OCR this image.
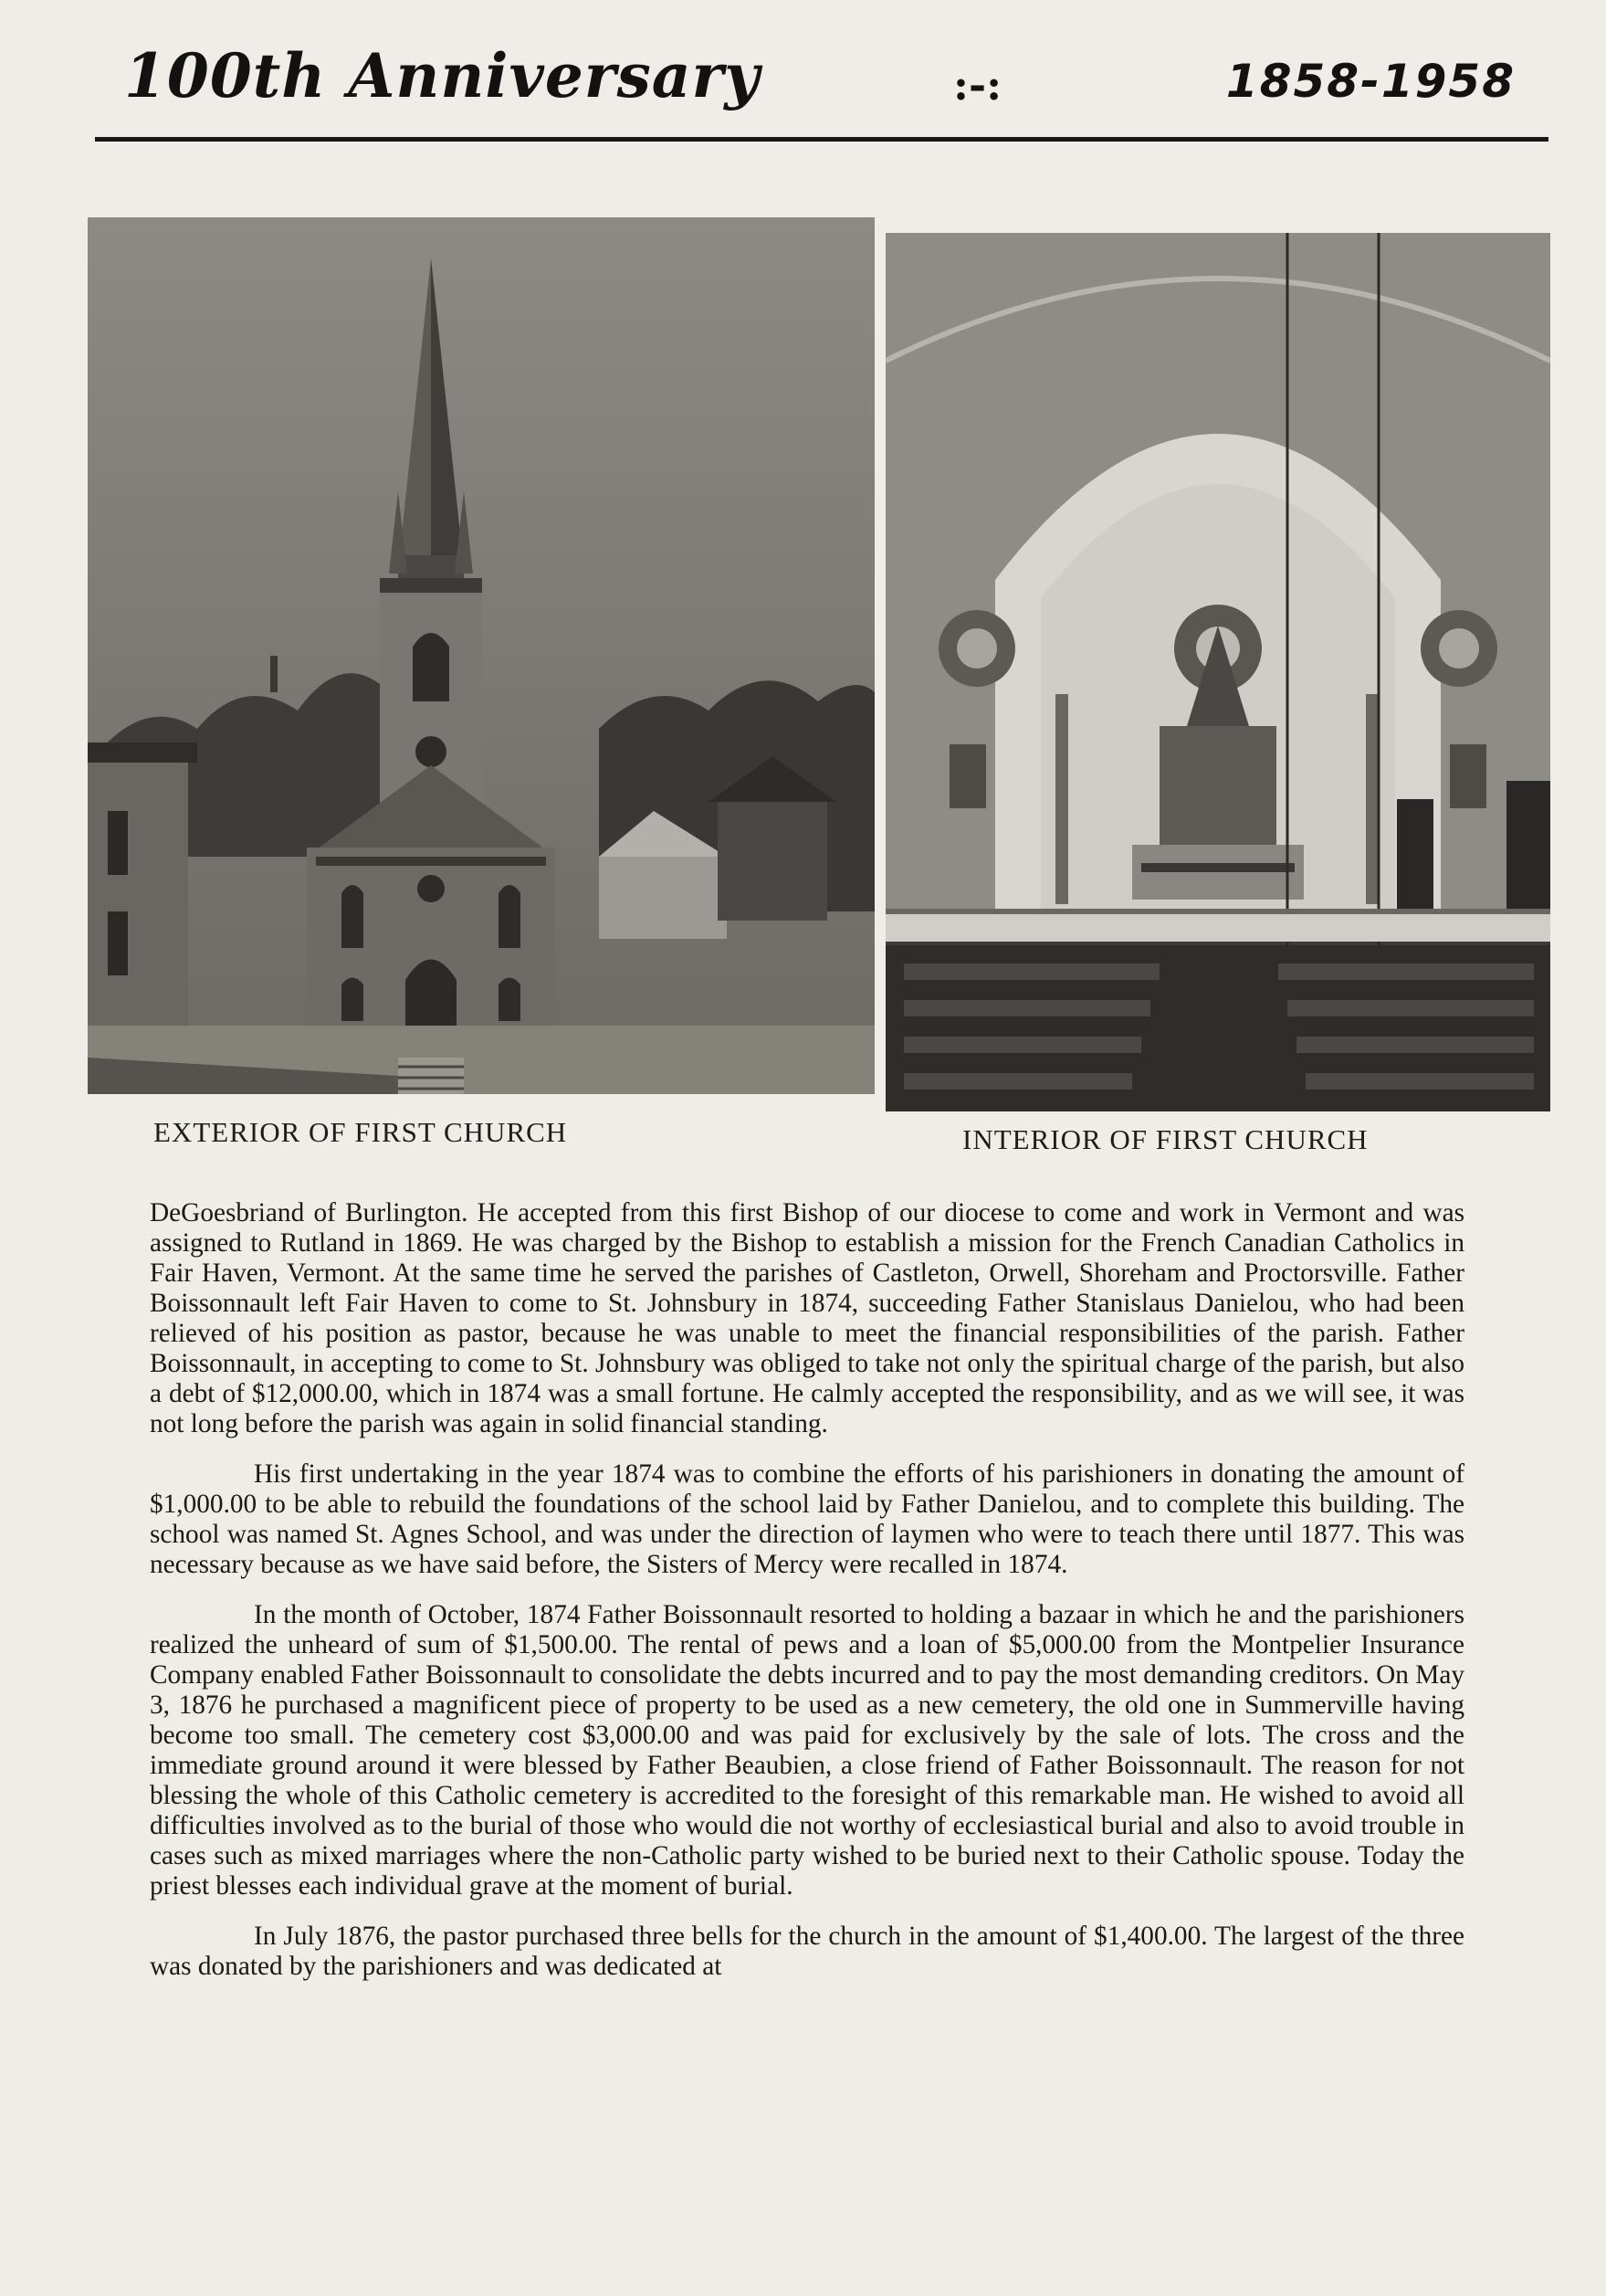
100th Anniversary	:-:	1858-1958
EXTERIOR OF FIRST CHURCH	INTERIOR OF FIRST CHURCH

DeGoesbriand of Burlington. He accepted from this first Bishop of our diocese to come and work in Vermont and was assigned to Rutland in 1869. He was charged by the Bishop to establish a mission for the French Canadian Catholics in Fair Haven, Vermont. At the same time he served the parishes of Castleton, Orwell, Shoreham and Proctorsville. Father Boissonnault left Fair Haven to come to St. Johnsbury in 1874, succeeding Father Stanislaus Danielou, who had been relieved of his position as pastor, because he was unable to meet the financial responsibilities of the parish. Father Boissonnault, in accepting to come to St. Johnsbury was obliged to take not only the spiritual charge of the parish, but also a debt of $12,000.00, which in 1874 was a small fortune. He calmly accepted the responsibility, and as we will see, it was not long before the parish was again in solid financial standing.

His first undertaking in the year 1874 was to combine the efforts of his parishioners in donating the amount of $1,000.00 to be able to rebuild the foundations of the school laid by Father Danielou, and to complete this building. The school was named St. Agnes School, and was under the direction of laymen who were to teach there until 1877. This was necessary because as we have said before, the Sisters of Mercy were recalled in 1874.

In the month of October, 1874 Father Boissonnault resorted to holding a bazaar in which he and the parishioners realized the unheard of sum of $1,500.00. The rental of pews and a loan of $5,000.00 from the Montpelier Insurance Company enabled Father Boissonnault to consolidate the debts incurred and to pay the most demanding creditors. On May 3, 1876 he purchased a magnificent piece of property to be used as a new cemetery, the old one in Summerville having become too small. The cemetery cost $3,000.00 and was paid for exclusively by the sale of lots. The cross and the immediate ground around it were blessed by Father Beaubien, a close friend of Father Boissonnault. The reason for not blessing the whole of this Catholic cemetery is accredited to the foresight of this remarkable man. He wished to avoid all difficulties involved as to the burial of those who would die not worthy of ecclesiastical burial and also to avoid trouble in cases such as mixed marriages where the non-Catholic party wished to be buried next to their Catholic spouse. Today the priest blesses each individual grave at the moment of burial.

In July 1876, the pastor purchased three bells for the church in the amount of $1,400.00. The largest of the three was donated by the parishioners and was dedicated at
